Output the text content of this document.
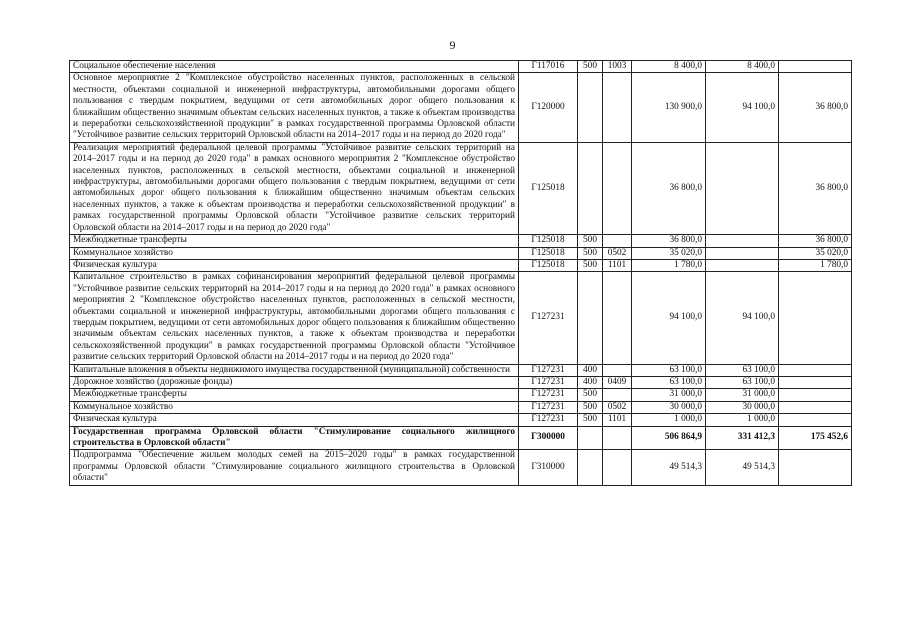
9
Социальное обеспечение населения	Г117016	500	1003	8 400,0	8 400,0	
Основное мероприятие 2 "Комплексное обустройство населенных пунктов, расположенных в сельской местности, объектами социальной и инженерной инфраструктуры, автомобильными дорогами общего пользования с твердым покрытием, ведущими от сети автомобильных дорог общего пользования к ближайшим общественно значимым объектам сельских населенных пунктов, а также к объектам производства и переработки сельскохозяйственной продукции" в рамках государственной программы Орловской области "Устойчивое развитие сельских территорий Орловской области на 2014–2017 годы и на период до 2020 года"	Г120000			130 900,0	94 100,0	36 800,0
Реализация мероприятий федеральной целевой программы "Устойчивое развитие сельских территорий на 2014–2017 годы и на период до 2020 года" в рамках основного мероприятия 2 "Комплексное обустройство населенных пунктов, расположенных в сельской местности, объектами социальной и инженерной инфраструктуры, автомобильными дорогами общего пользования с твердым покрытием, ведущими от сети автомобильных дорог общего пользования к ближайшим общественно значимым объектам сельских населенных пунктов, а также к объектам производства и переработки сельскохозяйственной продукции" в рамках государственной программы Орловской области "Устойчивое развитие сельских территорий Орловской области на 2014–2017 годы и на период до 2020 года"	Г125018			36 800,0		36 800,0
Межбюджетные трансферты	Г125018	500		36 800,0		36 800,0
Коммунальное хозяйство	Г125018	500	0502	35 020,0		35 020,0
Физическая культура	Г125018	500	1101	1 780,0		1 780,0
Капитальное строительство в рамках софинансирования мероприятий федеральной целевой программы "Устойчивое развитие сельских территорий на 2014–2017 годы и на период до 2020 года" в рамках основного мероприятия 2 "Комплексное обустройство населенных пунктов, расположенных в сельской местности, объектами социальной и инженерной инфраструктуры, автомобильными дорогами общего пользования с твердым покрытием, ведущими от сети автомобильных дорог общего пользования к ближайшим общественно значимым объектам сельских населенных пунктов, а также к объектам производства и переработки сельскохозяйственной продукции" в рамках государственной программы Орловской области "Устойчивое развитие сельских территорий Орловской области на 2014–2017 годы и на период до 2020 года"	Г127231			94 100,0	94 100,0	
Капитальные вложения в объекты недвижимого имущества государственной (муниципальной) собственности	Г127231	400		63 100,0	63 100,0	
Дорожное хозяйство (дорожные фонды)	Г127231	400	0409	63 100,0	63 100,0	
Межбюджетные трансферты	Г127231	500		31 000,0	31 000,0	
Коммунальное хозяйство	Г127231	500	0502	30 000,0	30 000,0	
Физическая культура	Г127231	500	1101	1 000,0	1 000,0	
Государственная программа Орловской области "Стимулирование социального жилищного строительства в Орловской области"	Г300000			506 864,9	331 412,3	175 452,6
Подпрограмма "Обеспечение жильем молодых семей на 2015–2020 годы" в рамках государственной программы Орловской области "Стимулирование социального жилищного строительства в Орловской области"	Г310000			49 514,3	49 514,3	
